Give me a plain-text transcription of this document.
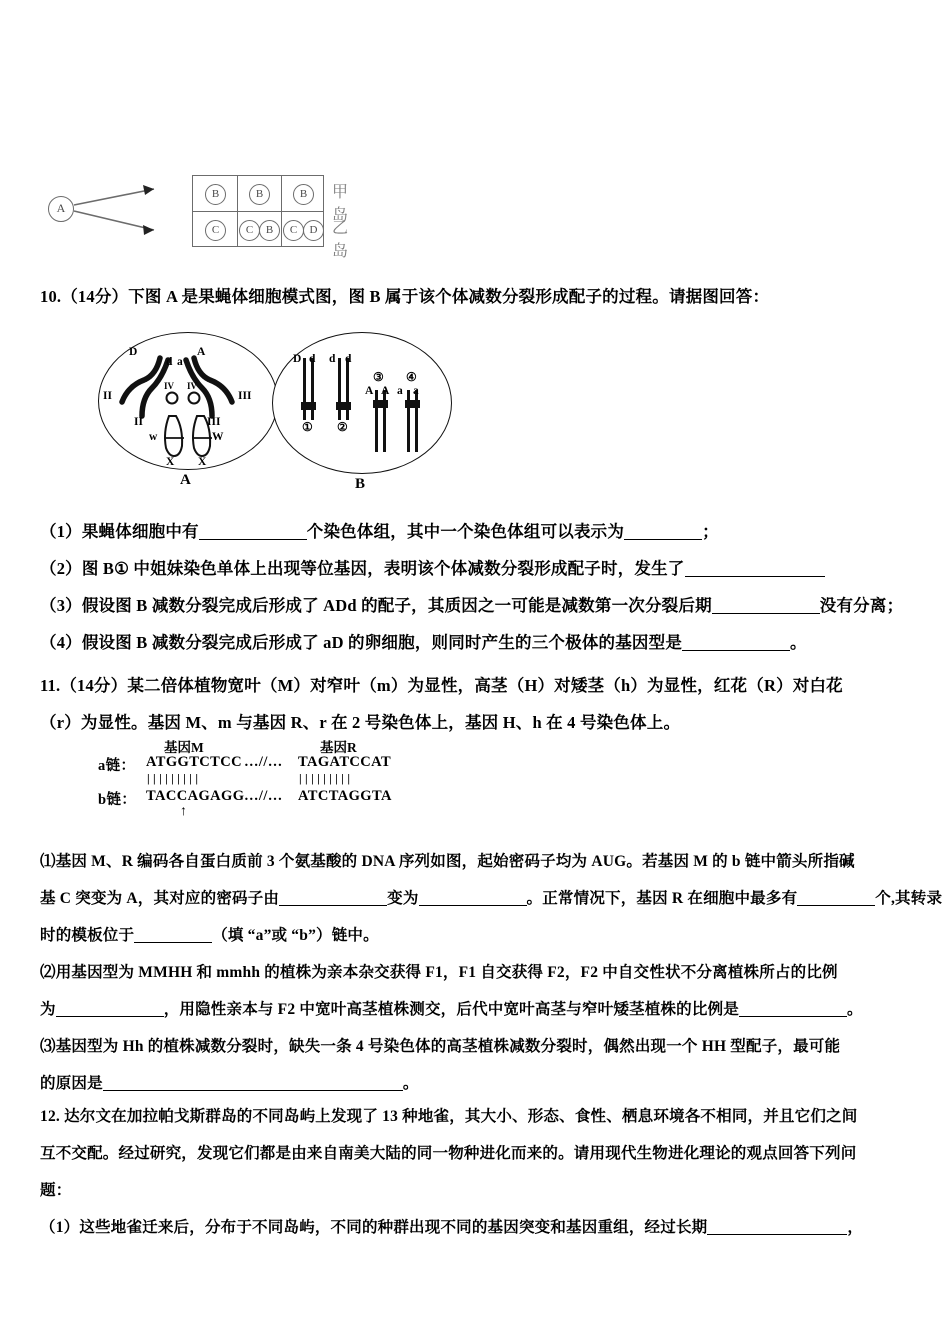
A
B	B	B
C	C	B	C	D
甲岛
乙岛
10.（14分）下图 A 是果蝇体细胞模式图，图 B 属于该个体减数分裂形成配子的过程。请据图回答：
D
d a
A
II
II
IV IV
III
III
w	W
X X
A
D d d d
① ②
③ ④
A A a a
B
（1）果蝇体细胞中有	个染色体组，其中一个染色体组可以表示为	；
（2）图 B① 中姐妹染色单体上出现等位基因，表明该个体减数分裂形成配子时，发生了
（3）假设图 B 减数分裂完成后形成了 ADd 的配子，其质因之一可能是减数第一次分裂后期	没有分离；
（4）假设图 B 减数分裂完成后形成了 aD 的卵细胞，则同时产生的三个极体的基因型是	。
11.（14分）某二倍体植物宽叶（M）对窄叶（m）为显性，高茎（H）对矮茎（h）为显性，红花（R）对白花
（r）为显性。基因 M、m 与基因 R、r 在 2 号染色体上，基因 H、h 在 4 号染色体上。
基因M	基因R
a链： ATGGTCTCC …//… TAGATCCAT
|||||||||	|||||||||
b链： TACCAGAGG …//… ATCTAGGTA
↑
⑴基因 M、R 编码各自蛋白质前 3 个氨基酸的 DNA 序列如图，起始密码子均为 AUG。若基因 M 的 b 链中箭头所指碱
基 C 突变为 A，其对应的密码子由	变为	。正常情况下，基因 R 在细胞中最多有	个,其转录
时的模板位于	（填 “a”或 “b”）链中。
⑵用基因型为 MMHH 和 mmhh 的植株为亲本杂交获得 F1，F1 自交获得 F2，F2 中自交性状不分离植株所占的比例
为	，用隐性亲本与 F2 中宽叶高茎植株测交，后代中宽叶高茎与窄叶矮茎植株的比例是	。
⑶基因型为 Hh 的植株减数分裂时，缺失一条 4 号染色体的高茎植株减数分裂时，偶然出现一个 HH 型配子，最可能
的原因是	。
12. 达尔文在加拉帕戈斯群岛的不同岛屿上发现了 13 种地雀，其大小、形态、食性、栖息环境各不相同，并且它们之间
互不交配。经过研究，发现它们都是由来自南美大陆的同一物种进化而来的。请用现代生物进化理论的观点回答下列问
题：
（1）这些地雀迁来后，分布于不同岛屿，不同的种群出现不同的基因突变和基因重组，经过长期	，
